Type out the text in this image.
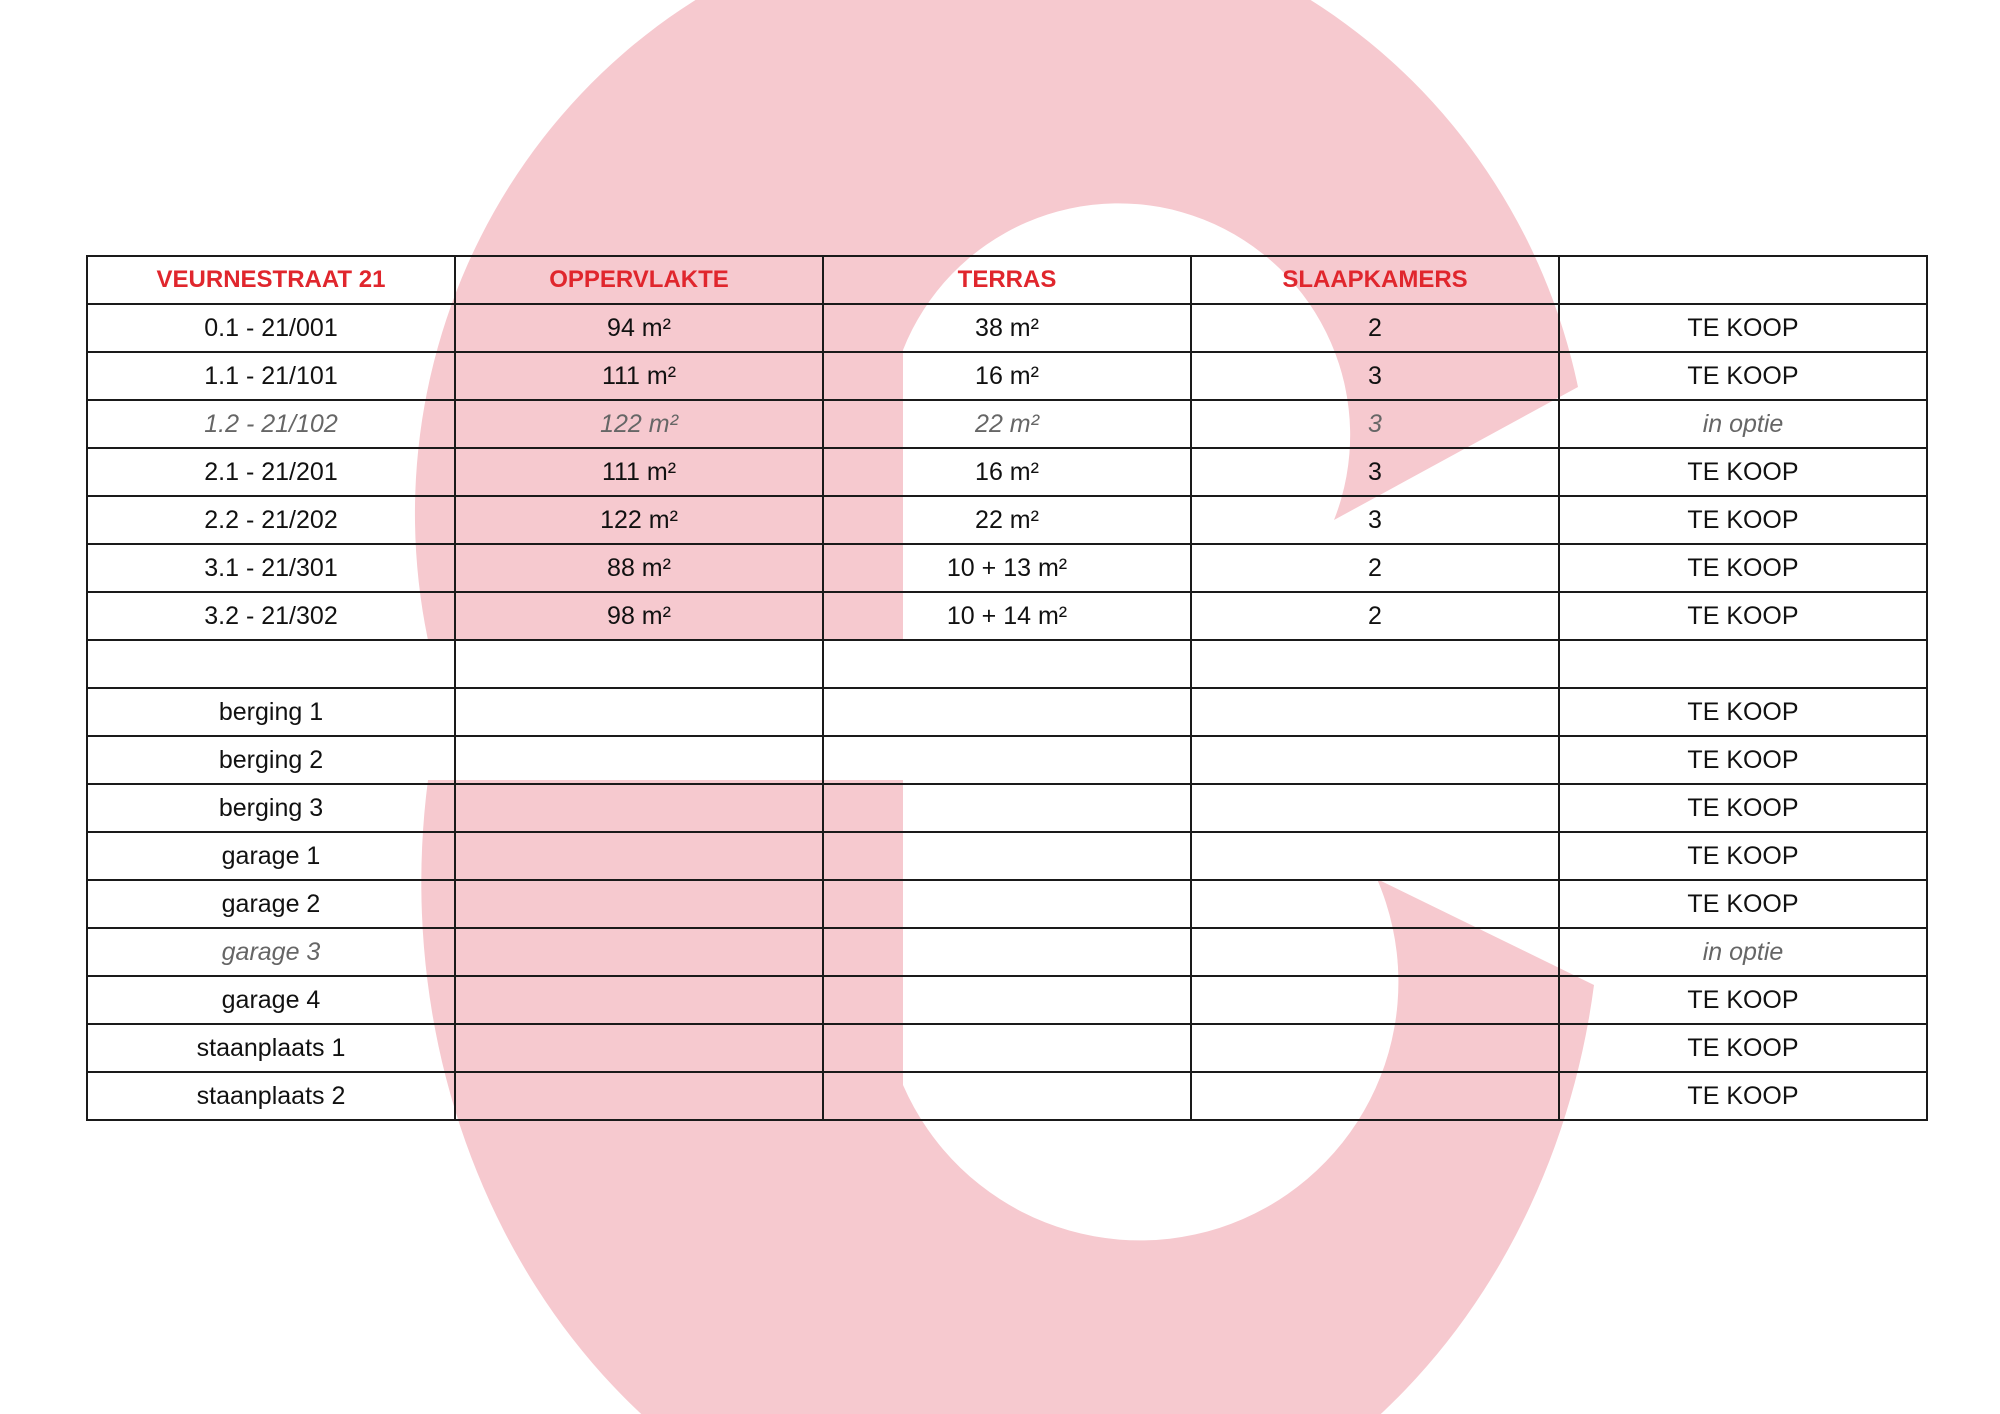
VEURNESTRAAT 21	OPPERVLAKTE	TERRAS	SLAAPKAMERS	
0.1 - 21/001	94 m²	38 m²	2	TE KOOP
1.1 - 21/101	111 m²	16 m²	3	TE KOOP
1.2 - 21/102	122 m²	22 m²	3	in optie
2.1 - 21/201	111 m²	16 m²	3	TE KOOP
2.2 - 21/202	122 m²	22 m²	3	TE KOOP
3.1 - 21/301	88 m²	10 + 13 m²	2	TE KOOP
3.2 - 21/302	98 m²	10 + 14 m²	2	TE KOOP

berging 1				TE KOOP
berging 2				TE KOOP
berging 3				TE KOOP
garage 1				TE KOOP
garage 2				TE KOOP
garage 3				in optie
garage 4				TE KOOP
staanplaats 1				TE KOOP
staanplaats 2				TE KOOP
